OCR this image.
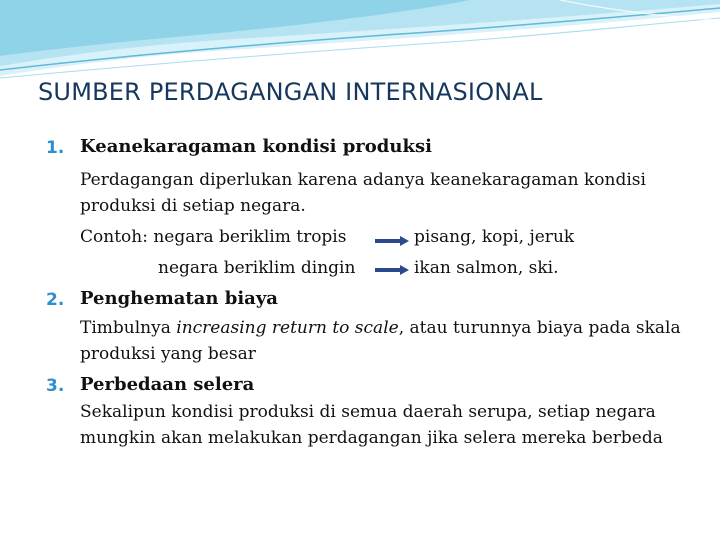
SUMBER PERDAGANGAN INTERNASIONAL
1. Keanekaragaman kondisi produksi
Perdagangan diperlukan karena adanya keanekaragaman kondisi produksi di setiap negara.
Contoh: negara beriklim tropis	pisang, kopi, jeruk
negara beriklim dingin	ikan salmon, ski.
2. Penghematan biaya
Timbulnya increasing return to scale, atau turunnya biaya pada skala produksi yang besar
3. Perbedaan selera
Sekalipun kondisi produksi di semua daerah serupa, setiap negara mungkin akan melakukan perdagangan jika selera mereka berbeda
